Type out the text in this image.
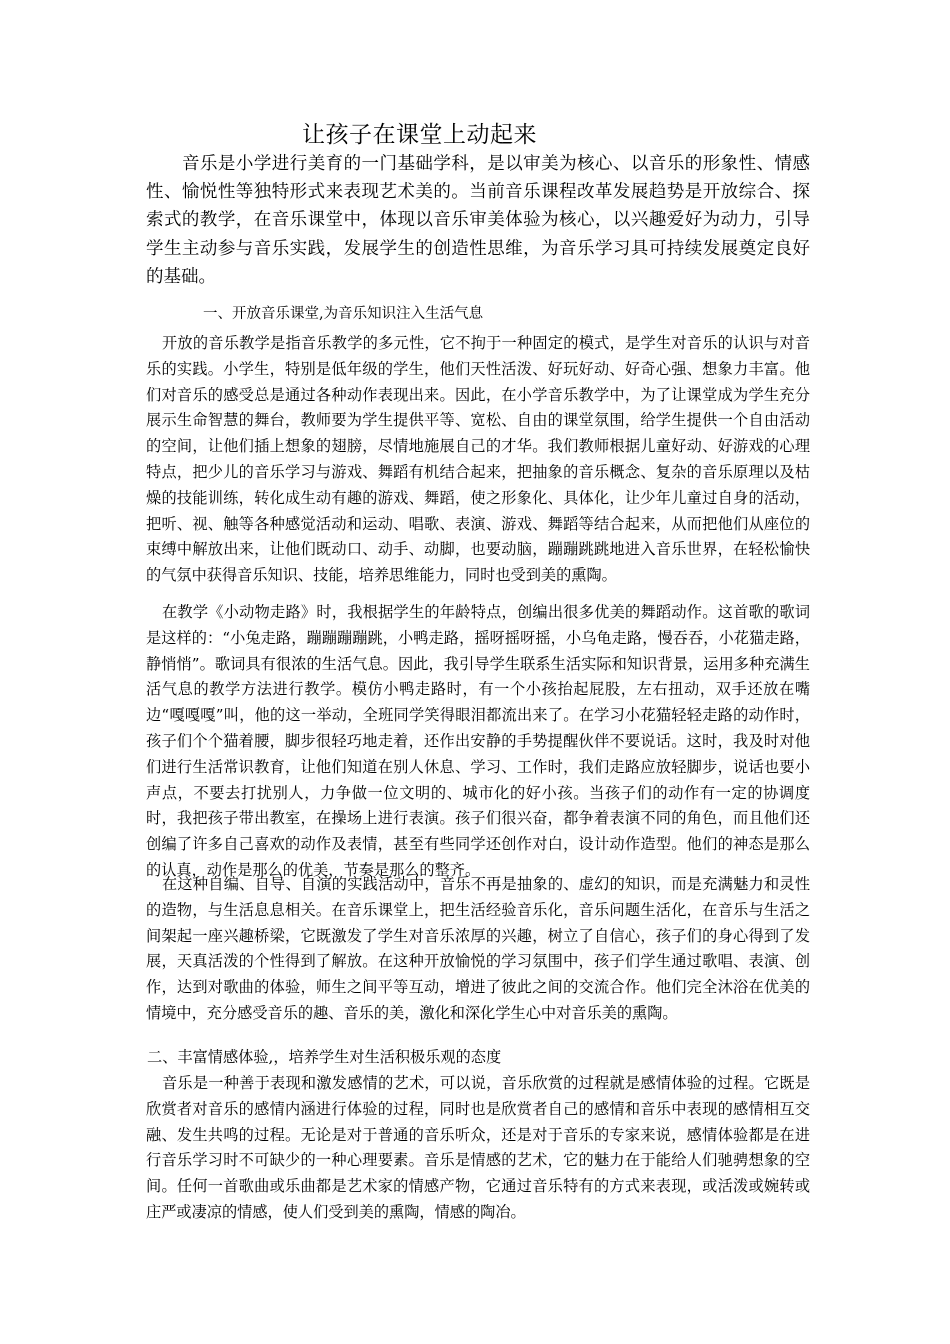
让孩子在课堂上动起来

音乐是小学进行美育的一门基础学科，是以审美为核心、以音乐的形象性、情感性、愉悦性等独特形式来表现艺术美的。当前音乐课程改革发展趋势是开放综合、探索式的教学，在音乐课堂中，体现以音乐审美体验为核心，以兴趣爱好为动力，引导学生主动参与音乐实践，发展学生的创造性思维，为音乐学习具可持续发展奠定良好的基础。

一、开放音乐课堂,为音乐知识注入生活气息

开放的音乐教学是指音乐教学的多元性，它不拘于一种固定的模式，是学生对音乐的认识与对音乐的实践。小学生，特别是低年级的学生，他们天性活泼、好玩好动、好奇心强、想象力丰富。他们对音乐的感受总是通过各种动作表现出来。因此，在小学音乐教学中，为了让课堂成为学生充分展示生命智慧的舞台，教师要为学生提供平等、宽松、自由的课堂氛围，给学生提供一个自由活动的空间，让他们插上想象的翅膀，尽情地施展自己的才华。我们教师根据儿童好动、好游戏的心理特点，把少儿的音乐学习与游戏、舞蹈有机结合起来，把抽象的音乐概念、复杂的音乐原理以及枯燥的技能训练，转化成生动有趣的游戏、舞蹈，使之形象化、具体化，让少年儿童过自身的活动，把听、视、触等各种感觉活动和运动、唱歌、表演、游戏、舞蹈等结合起来，从而把他们从座位的束缚中解放出来，让他们既动口、动手、动脚，也要动脑，蹦蹦跳跳地进入音乐世界，在轻松愉快的气氛中获得音乐知识、技能，培养思维能力，同时也受到美的熏陶。

在教学《小动物走路》时，我根据学生的年龄特点，创编出很多优美的舞蹈动作。这首歌的歌词是这样的：“小兔走路，蹦蹦蹦蹦跳，小鸭走路，摇呀摇呀摇，小乌龟走路，慢吞吞，小花猫走路，静悄悄”。歌词具有很浓的生活气息。因此，我引导学生联系生活实际和知识背景，运用多种充满生活气息的教学方法进行教学。模仿小鸭走路时，有一个小孩抬起屁股，左右扭动，双手还放在嘴边“嘎嘎嘎”叫，他的这一举动，全班同学笑得眼泪都流出来了。在学习小花猫轻轻走路的动作时，孩子们个个猫着腰，脚步很轻巧地走着，还作出安静的手势提醒伙伴不要说话。这时，我及时对他们进行生活常识教育，让他们知道在别人休息、学习、工作时，我们走路应放轻脚步，说话也要小声点，不要去打扰别人，力争做一位文明的、城市化的好小孩。当孩子们的动作有一定的协调度时，我把孩子带出教室，在操场上进行表演。孩子们很兴奋，都争着表演不同的角色，而且他们还创编了许多自己喜欢的动作及表情，甚至有些同学还创作对白，设计动作造型。他们的神态是那么的认真，动作是那么的优美，节奏是那么的整齐。

在这种自编、自导、自演的实践活动中，音乐不再是抽象的、虚幻的知识，而是充满魅力和灵性的造物，与生活息息相关。在音乐课堂上，把生活经验音乐化，音乐问题生活化，在音乐与生活之间架起一座兴趣桥梁，它既激发了学生对音乐浓厚的兴趣，树立了自信心，孩子们的身心得到了发展，天真活泼的个性得到了解放。在这种开放愉悦的学习氛围中，孩子们学生通过歌唱、表演、创作，达到对歌曲的体验，师生之间平等互动，增进了彼此之间的交流合作。他们完全沐浴在优美的情境中，充分感受音乐的趣、音乐的美，激化和深化学生心中对音乐美的熏陶。

二、丰富情感体验,，培养学生对生活积极乐观的态度

音乐是一种善于表现和激发感情的艺术，可以说，音乐欣赏的过程就是感情体验的过程。它既是欣赏者对音乐的感情内涵进行体验的过程，同时也是欣赏者自己的感情和音乐中表现的感情相互交融、发生共鸣的过程。无论是对于普通的音乐听众，还是对于音乐的专家来说，感情体验都是在进行音乐学习时不可缺少的一种心理要素。音乐是情感的艺术，它的魅力在于能给人们驰骋想象的空间。任何一首歌曲或乐曲都是艺术家的情感产物，它通过音乐特有的方式来表现，或活泼或婉转或庄严或凄凉的情感，使人们受到美的熏陶，情感的陶冶。
